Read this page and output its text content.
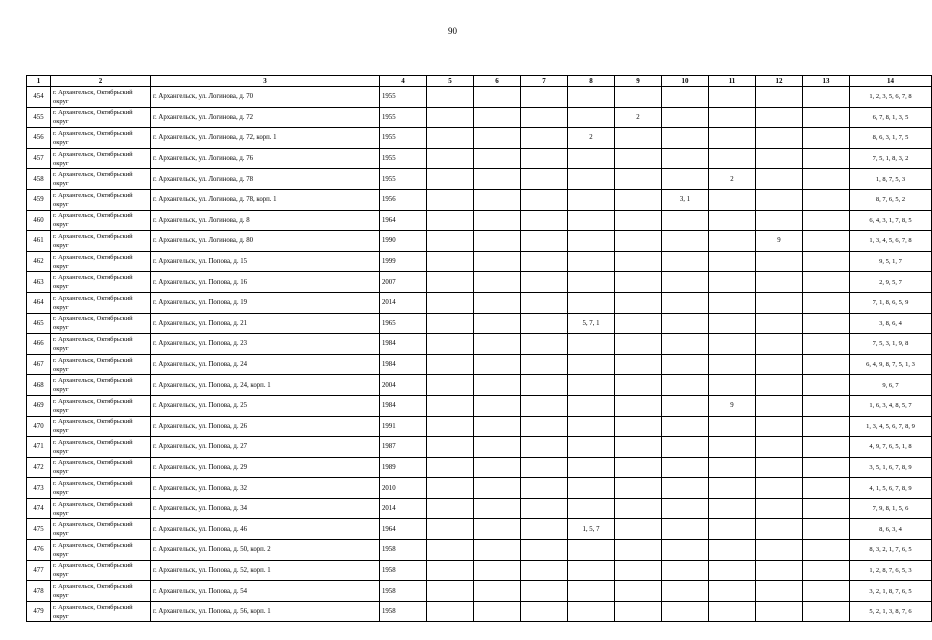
90
1	2	3	4	5	6	7	8	9	10	11	12	13	14
454	г. Архангельск, Октябрьский округ	г. Архангельск, ул. Логинова, д. 70	1955										1, 2, 3, 5, 6, 7, 8
455	г. Архангельск, Октябрьский округ	г. Архангельск, ул. Логинова, д. 72	1955					2					6, 7, 8, 1, 3, 5
456	г. Архангельск, Октябрьский округ	г. Архангельск, ул. Логинова, д. 72, корп. 1	1955				2						8, 6, 3, 1, 7, 5
457	г. Архангельск, Октябрьский округ	г. Архангельск, ул. Логинова, д. 76	1955										7, 5, 1, 8, 3, 2
458	г. Архангельск, Октябрьский округ	г. Архангельск, ул. Логинова, д. 78	1955							2			1, 8, 7, 5, 3
459	г. Архангельск, Октябрьский округ	г. Архангельск, ул. Логинова, д. 78, корп. 1	1956						3, 1				8, 7, 6, 5, 2
460	г. Архангельск, Октябрьский округ	г. Архангельск, ул. Логинова, д. 8	1964										6, 4, 3, 1, 7, 8, 5
461	г. Архангельск, Октябрьский округ	г. Архангельск, ул. Логинова, д. 80	1990								9		1, 3, 4, 5, 6, 7, 8
462	г. Архангельск, Октябрьский округ	г. Архангельск, ул. Попова, д. 15	1999										9, 5, 1, 7
463	г. Архангельск, Октябрьский округ	г. Архангельск, ул. Попова, д. 16	2007										2, 9, 5, 7
464	г. Архангельск, Октябрьский округ	г. Архангельск, ул. Попова, д. 19	2014										7, 1, 8, 6, 5, 9
465	г. Архангельск, Октябрьский округ	г. Архангельск, ул. Попова, д. 21	1965				5, 7, 1						3, 8, 6, 4
466	г. Архангельск, Октябрьский округ	г. Архангельск, ул. Попова, д. 23	1984										7, 5, 3, 1, 9, 8
467	г. Архангельск, Октябрьский округ	г. Архангельск, ул. Попова, д. 24	1984										6, 4, 9, 8, 7, 5, 1, 3
468	г. Архангельск, Октябрьский округ	г. Архангельск, ул. Попова, д. 24, корп. 1	2004										9, 6, 7
469	г. Архангельск, Октябрьский округ	г. Архангельск, ул. Попова, д. 25	1984							9			1, 6, 3, 4, 8, 5, 7
470	г. Архангельск, Октябрьский округ	г. Архангельск, ул. Попова, д. 26	1991										1, 3, 4, 5, 6, 7, 8, 9
471	г. Архангельск, Октябрьский округ	г. Архангельск, ул. Попова, д. 27	1987										4, 9, 7, 6, 5, 1, 8
472	г. Архангельск, Октябрьский округ	г. Архангельск, ул. Попова, д. 29	1989										3, 5, 1, 6, 7, 8, 9
473	г. Архангельск, Октябрьский округ	г. Архангельск, ул. Попова, д. 32	2010										4, 1, 5, 6, 7, 8, 9
474	г. Архангельск, Октябрьский округ	г. Архангельск, ул. Попова, д. 34	2014										7, 9, 8, 1, 5, 6
475	г. Архангельск, Октябрьский округ	г. Архангельск, ул. Попова, д. 46	1964				1, 5, 7						8, 6, 3, 4
476	г. Архангельск, Октябрьский округ	г. Архангельск, ул. Попова, д. 50, корп. 2	1958										8, 3, 2, 1, 7, 6, 5
477	г. Архангельск, Октябрьский округ	г. Архангельск, ул. Попова, д. 52, корп. 1	1958										1, 2, 8, 7, 6, 5, 3
478	г. Архангельск, Октябрьский округ	г. Архангельск, ул. Попова, д. 54	1958										3, 2, 1, 8, 7, 6, 5
479	г. Архангельск, Октябрьский округ	г. Архангельск, ул. Попова, д. 56, корп. 1	1958										5, 2, 1, 3, 8, 7, 6
